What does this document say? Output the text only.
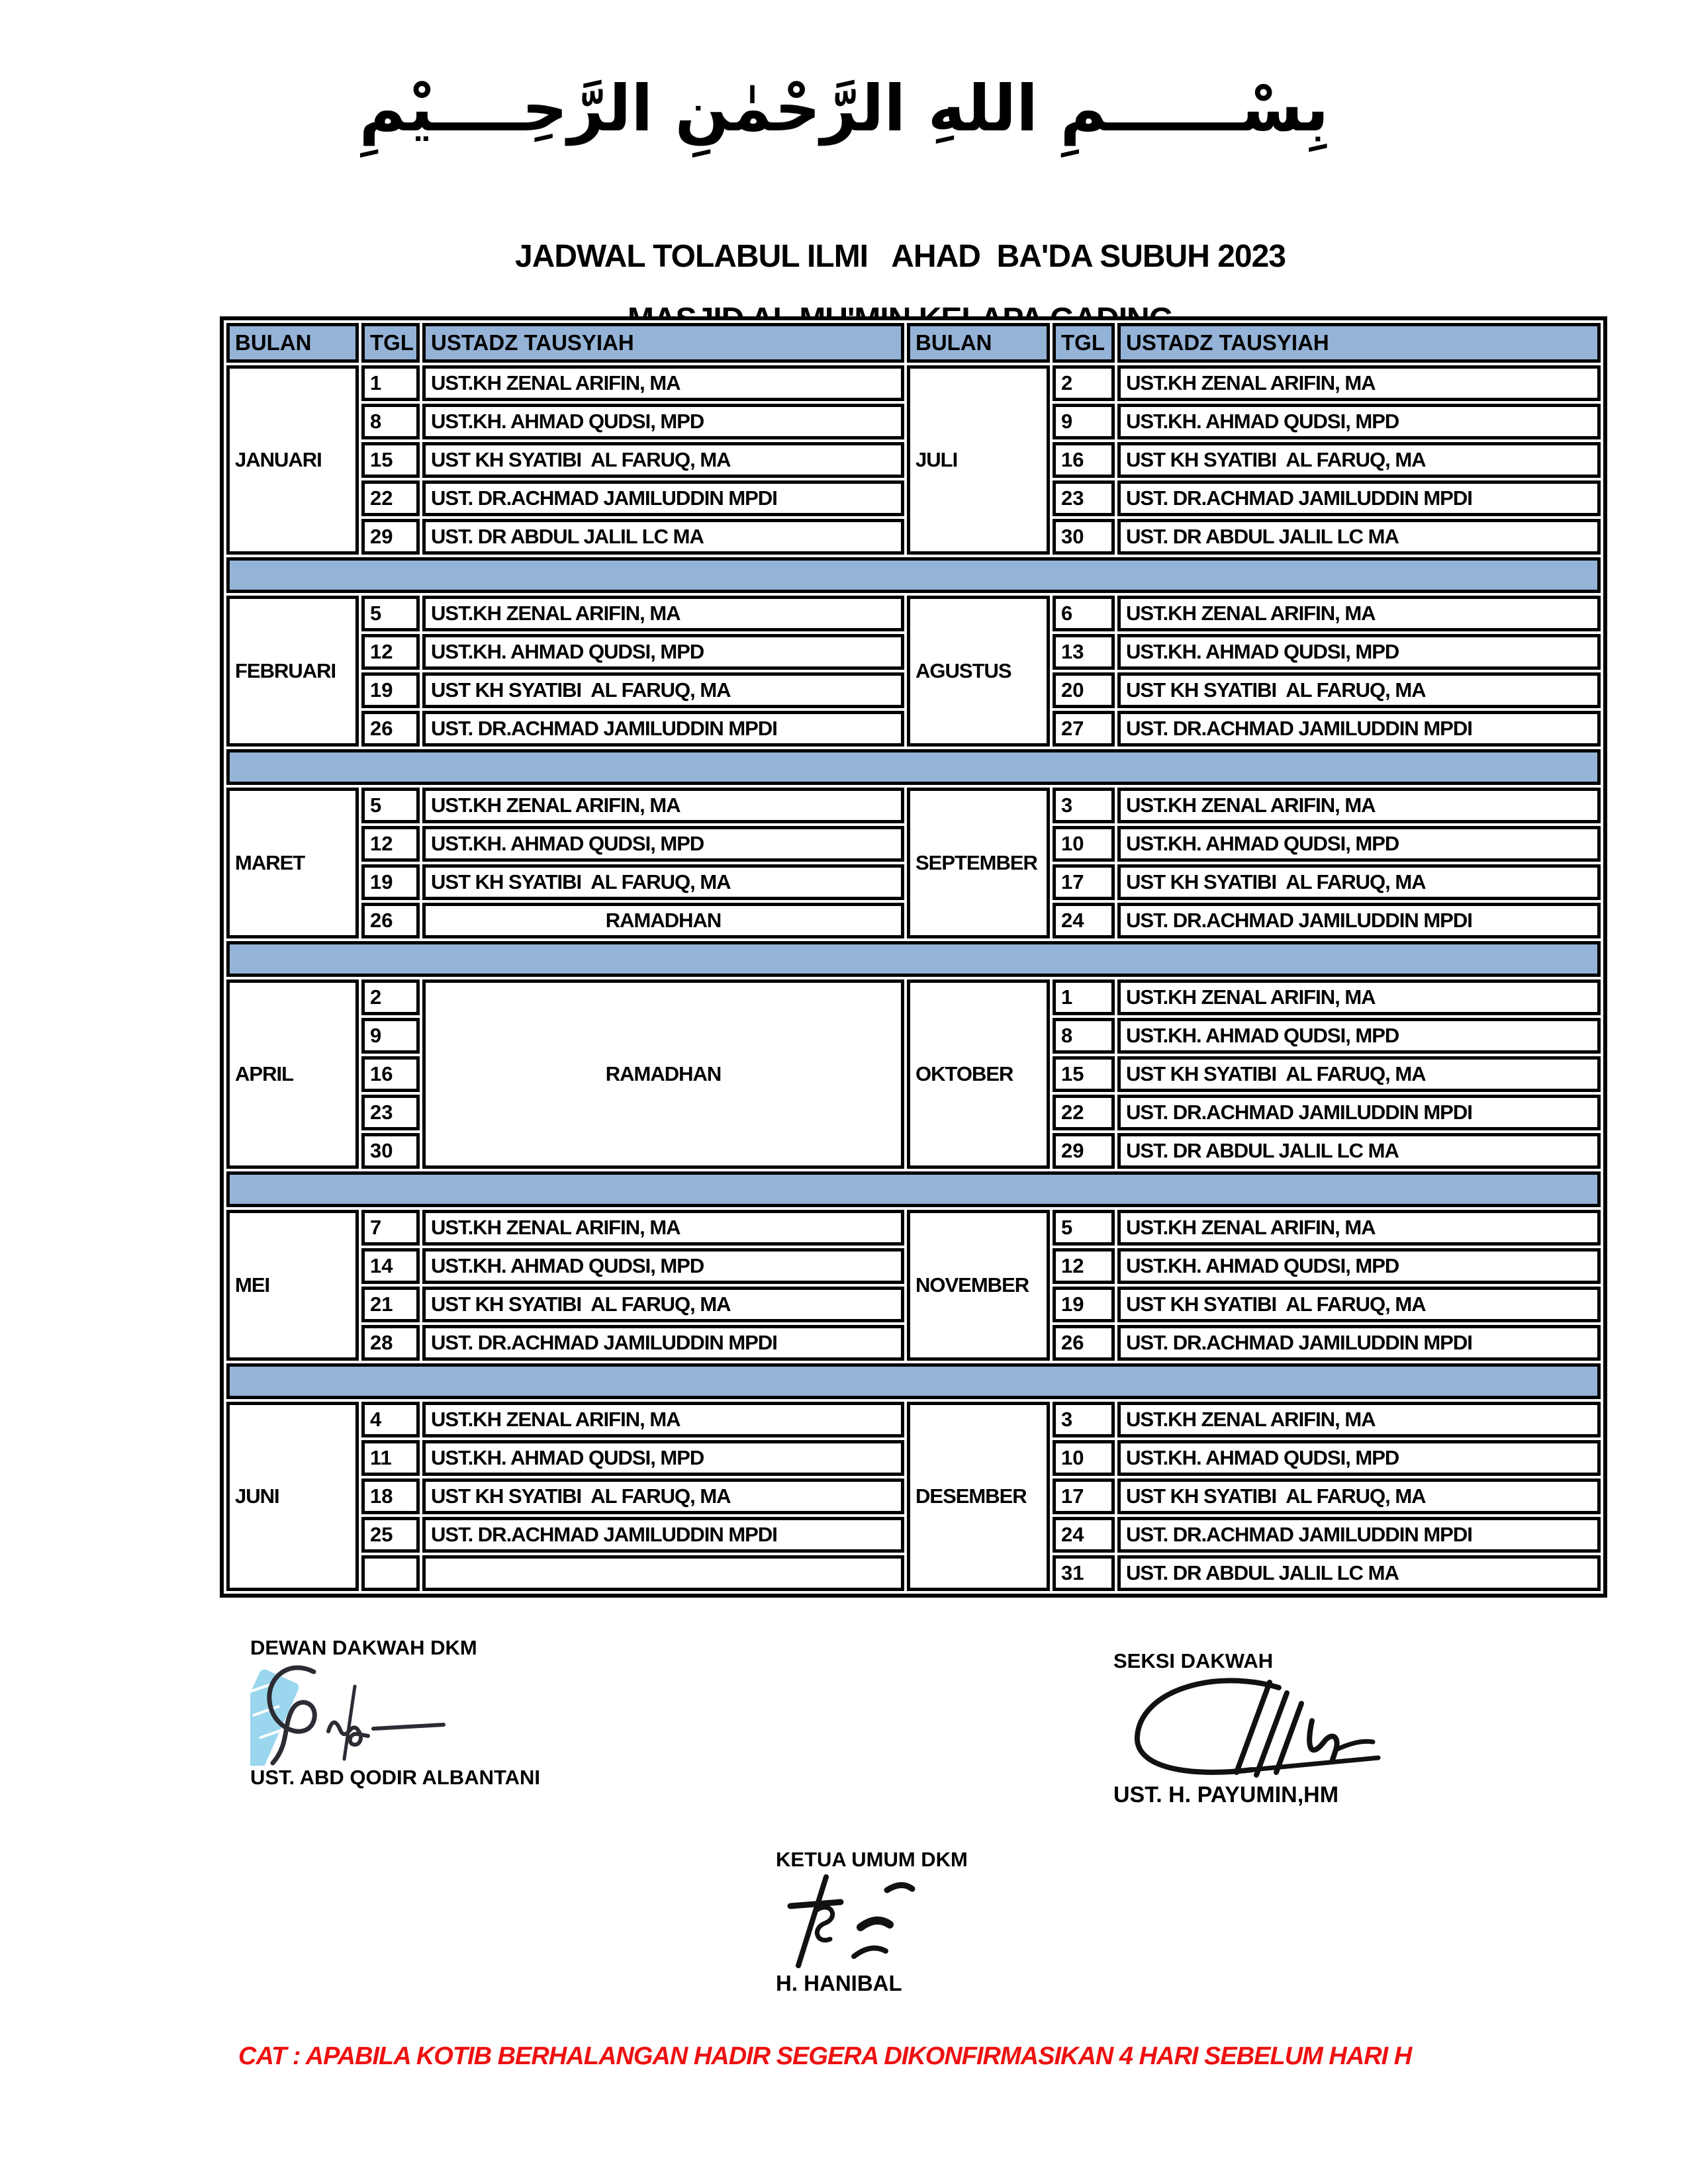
بِسْــــــمِ اللهِ الرَّحْمٰنِ الرَّحِــــيْمِ

JADWAL TOLABUL ILMI   AHAD  BA'DA SUBUH 2023

BULAN	TGL	USTADZ TAUSYIAH	BULAN	TGL	USTADZ TAUSYIAH
JANUARI	1	UST.KH ZENAL ARIFIN, MA	JULI	2	UST.KH ZENAL ARIFIN, MA
	8	UST.KH. AHMAD QUDSI, MPD		9	UST.KH. AHMAD QUDSI, MPD
	15	UST KH SYATIBI  AL FARUQ, MA		16	UST KH SYATIBI  AL FARUQ, MA
	22	UST. DR.ACHMAD JAMILUDDIN MPDI		23	UST. DR.ACHMAD JAMILUDDIN MPDI
	29	UST. DR ABDUL JALIL LC MA		30	UST. DR ABDUL JALIL LC MA

FEBRUARI	5	UST.KH ZENAL ARIFIN, MA	AGUSTUS	6	UST.KH ZENAL ARIFIN, MA
	12	UST.KH. AHMAD QUDSI, MPD		13	UST.KH. AHMAD QUDSI, MPD
	19	UST KH SYATIBI  AL FARUQ, MA		20	UST KH SYATIBI  AL FARUQ, MA
	26	UST. DR.ACHMAD JAMILUDDIN MPDI		27	UST. DR.ACHMAD JAMILUDDIN MPDI

MARET	5	UST.KH ZENAL ARIFIN, MA	SEPTEMBER	3	UST.KH ZENAL ARIFIN, MA
	12	UST.KH. AHMAD QUDSI, MPD		10	UST.KH. AHMAD QUDSI, MPD
	19	UST KH SYATIBI  AL FARUQ, MA		17	UST KH SYATIBI  AL FARUQ, MA
	26	RAMADHAN		24	UST. DR.ACHMAD JAMILUDDIN MPDI

APRIL	2	RAMADHAN	OKTOBER	1	UST.KH ZENAL ARIFIN, MA
	9			8	UST.KH. AHMAD QUDSI, MPD
	16			15	UST KH SYATIBI  AL FARUQ, MA
	23			22	UST. DR.ACHMAD JAMILUDDIN MPDI
	30			29	UST. DR ABDUL JALIL LC MA

MEI	7	UST.KH ZENAL ARIFIN, MA	NOVEMBER	5	UST.KH ZENAL ARIFIN, MA
	14	UST.KH. AHMAD QUDSI, MPD		12	UST.KH. AHMAD QUDSI, MPD
	21	UST KH SYATIBI  AL FARUQ, MA		19	UST KH SYATIBI  AL FARUQ, MA
	28	UST. DR.ACHMAD JAMILUDDIN MPDI		26	UST. DR.ACHMAD JAMILUDDIN MPDI

JUNI	4	UST.KH ZENAL ARIFIN, MA	DESEMBER	3	UST.KH ZENAL ARIFIN, MA
	11	UST.KH. AHMAD QUDSI, MPD		10	UST.KH. AHMAD QUDSI, MPD
	18	UST KH SYATIBI  AL FARUQ, MA		17	UST KH SYATIBI  AL FARUQ, MA
	25	UST. DR.ACHMAD JAMILUDDIN MPDI		24	UST. DR.ACHMAD JAMILUDDIN MPDI
				31	UST. DR ABDUL JALIL LC MA
DEWAN DAKWAH DKM
UST. ABD QODIR ALBANTANI
SEKSI DAKWAH
UST. H. PAYUMIN,HM
KETUA UMUM DKM
H. HANIBAL
CAT : APABILA KOTIB BERHALANGAN HADIR SEGERA DIKONFIRMASIKAN 4 HARI SEBELUM HARI H
